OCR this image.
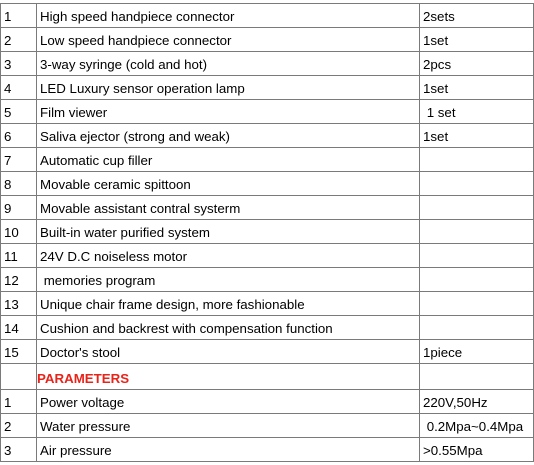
1	High speed handpiece connector	2sets
2	Low speed handpiece connector	1set
3	3-way syringe (cold and hot)	2pcs
4	LED Luxury sensor operation lamp	1set
5	Film viewer	1 set
6	Saliva ejector (strong and weak)	1set
7	Automatic cup filler	
8	Movable ceramic spittoon	
9	Movable assistant contral systerm	
10	Built-in water purified system	
11	24V D.C noiseless motor	
12	memories program	
13	Unique chair frame design, more fashionable	
14	Cushion and backrest with compensation function	
15	Doctor's stool	1piece
	PARAMETERS	
1	Power voltage	220V,50Hz
2	Water pressure	0.2Mpa~0.4Mpa
3	Air pressure	>0.55Mpa
